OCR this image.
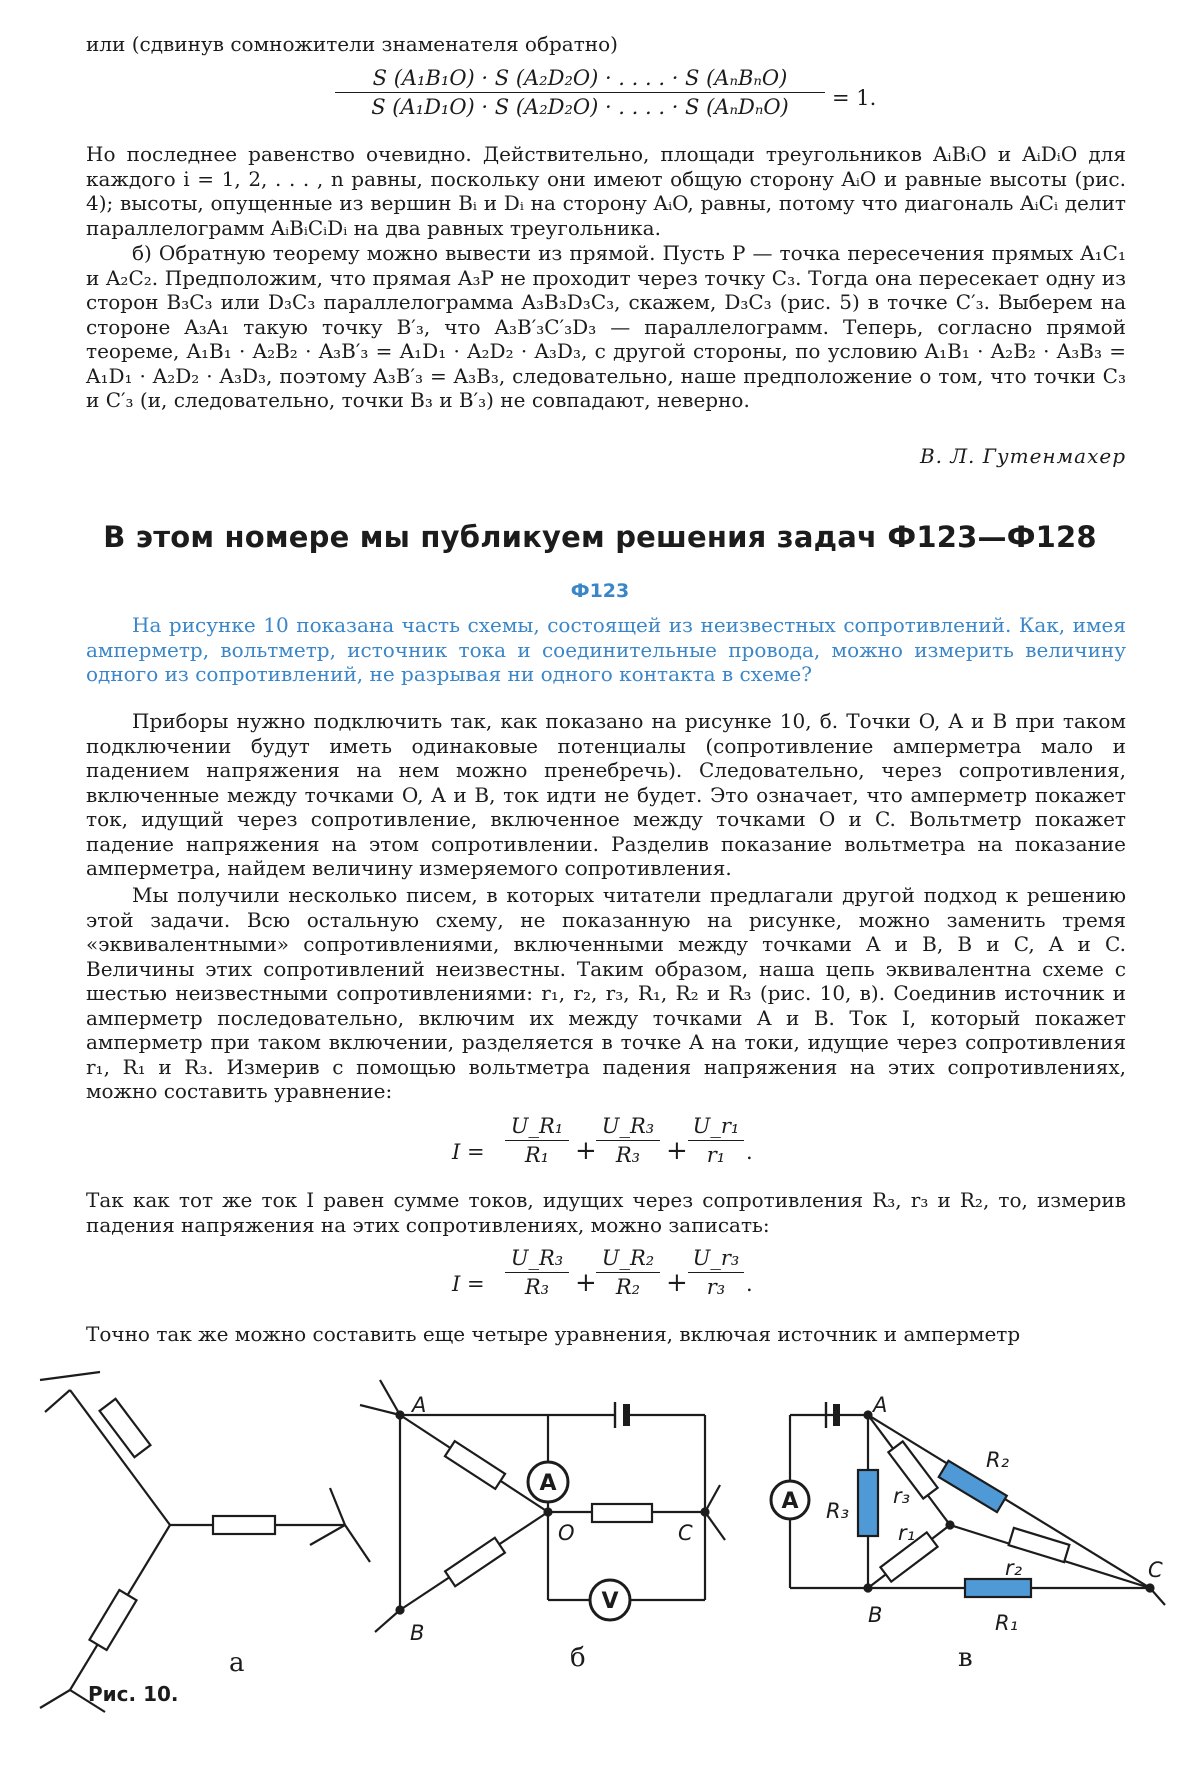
или (сдвинув сомножители знаменателя обратно)
S (A₁B₁O) · S (A₂D₂O) · . . . . · S (AₙBₙO)
S (A₁D₁O) · S (A₂D₂O) · . . . . · S (AₙDₙO)	= 1.
Но последнее равенство очевидно. Действительно, площади треугольников AᵢBᵢO и AᵢDᵢO для каждого i = 1, 2, . . . , n равны, поскольку они имеют общую сторону AᵢO и равные высоты (рис. 4); высоты, опущенные из вершин Bᵢ и Dᵢ на сторону AᵢO, равны, потому что диагональ AᵢCᵢ делит параллелограмм AᵢBᵢCᵢDᵢ на два равных треугольника.
б) Обратную теорему можно вывести из прямой. Пусть P — точка пересечения прямых A₁C₁ и A₂C₂. Предположим, что прямая A₃P не проходит через точку C₃. Тогда она пересекает одну из сторон B₃C₃ или D₃C₃ параллелограмма A₃B₃D₃C₃, скажем, D₃C₃ (рис. 5) в точке C′₃. Выберем на стороне A₃A₁ такую точку B′₃, что A₃B′₃C′₃D₃ — параллелограмм. Теперь, согласно прямой теореме, A₁B₁ · A₂B₂ · A₃B′₃ = A₁D₁ · A₂D₂ · A₃D₃, с другой стороны, по условию A₁B₁ · A₂B₂ · A₃B₃ = A₁D₁ · A₂D₂ · A₃D₃, поэтому A₃B′₃ = A₃B₃, следовательно, наше предположение о том, что точки C₃ и C′₃ (и, следовательно, точки B₃ и B′₃) не совпадают, неверно.
В. Л. Гутенмахер
В этом номере мы публикуем решения задач Ф123—Ф128
Ф123
На рисунке 10 показана часть схемы, состоящей из неизвестных сопротивлений. Как, имея амперметр, вольтметр, источник тока и соединительные провода, можно измерить величину одного из сопротивлений, не разрывая ни одного контакта в схеме?
Приборы нужно подключить так, как показано на рисунке 10, б. Точки O, A и B при таком подключении будут иметь одинаковые потенциалы (сопротивление амперметра мало и падением напряжения на нем можно пренебречь). Следовательно, через сопротивления, включенные между точками O, A и B, ток идти не будет. Это означает, что амперметр покажет ток, идущий через сопротивление, включенное между точками O и C. Вольтметр покажет падение напряжения на этом сопротивлении. Разделив показание вольтметра на показание амперметра, найдем величину измеряемого сопротивления.
Мы получили несколько писем, в которых читатели предлагали другой подход к решению этой задачи. Всю остальную схему, не показанную на рисунке, можно заменить тремя «эквивалентными» сопротивлениями, включенными между точками A и B, B и C, A и C. Величины этих сопротивлений неизвестны. Таким образом, наша цепь эквивалентна схеме с шестью неизвестными сопротивлениями: r₁, r₂, r₃, R₁, R₂ и R₃ (рис. 10, в). Соединив источник и амперметр последовательно, включим их между точками A и B. Ток I, который покажет амперметр при таком включении, разделяется в точке A на токи, идущие через сопротивления r₁, R₁ и R₃. Измерив с помощью вольтметра падения напряжения на этих сопротивлениях, можно составить уравнение:
$I = \frac{\text{U\_R₁}}{\text{R₁}} + \frac{\text{U\_R₃}}{\text{R₃}} + \frac{\text{U\_r₁}}{\text{r₁}}$ .
Так как тот же ток I равен сумме токов, идущих через сопротивления R₃, r₃ и R₂, то, измерив падения напряжения на этих сопротивлениях, можно записать:
$I = \frac{\text{U\_R₃}}{\text{R₃}} + \frac{\text{U\_R₂}}{\text{R₂}} + \frac{\text{U\_r₃}}{\text{r₃}}$ .
Точно так же можно составить еще четыре уравнения, включая источник и амперметр
A
O	C
B
A
B
C
R₃
R₂
R₁
r₃
r₁
r₂
A
V
A
а	б	в
Рис. 10.
